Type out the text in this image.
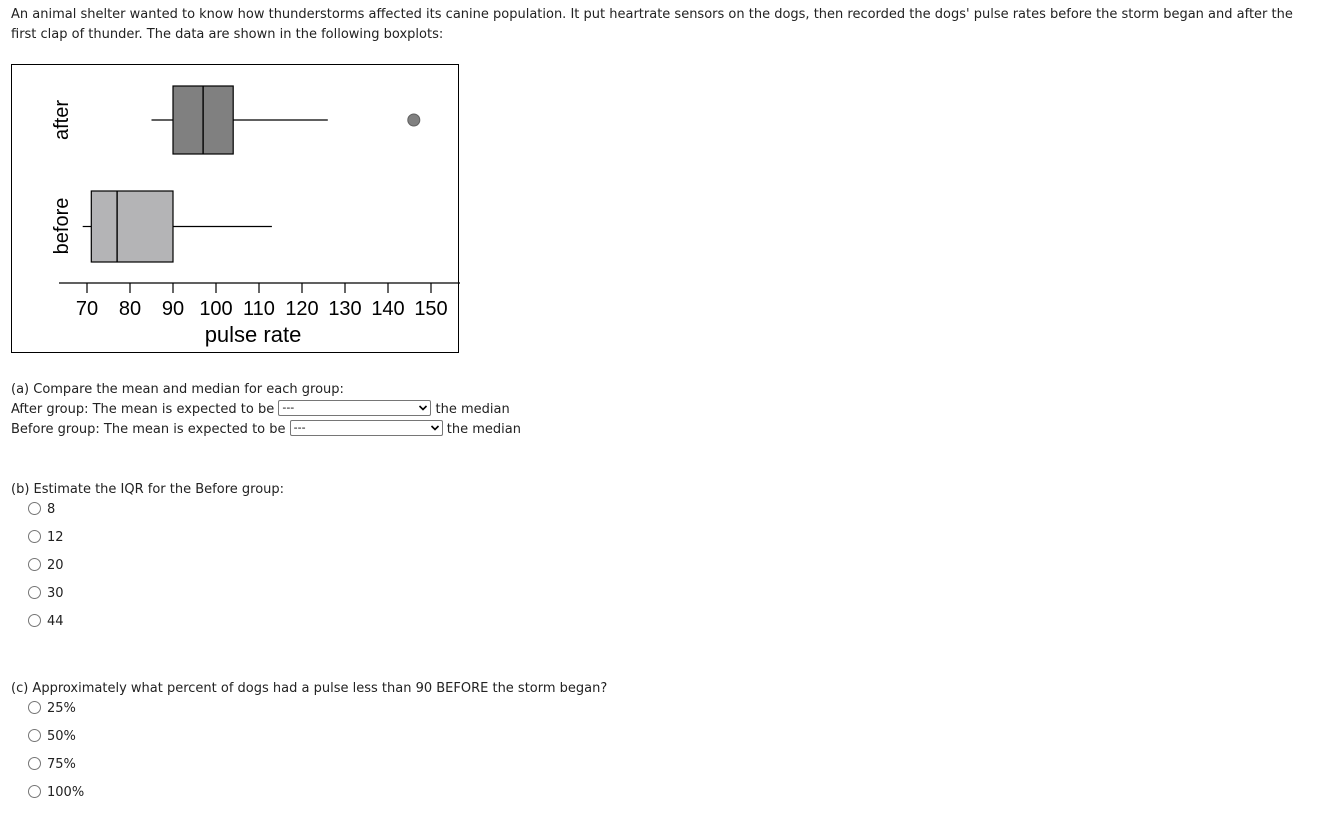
An animal shelter wanted to know how thunderstorms affected its canine population. It put heartrate sensors on the dogs, then recorded the dogs' pulse rates before the storm began and after the first clap of thunder. The data are shown in the following boxplots:

70 80 90 100 110 120 130 140 150
pulse rate
after
before
(a) Compare the mean and median for each group:
After group: The mean is expected to be ---	the median
Before group: The mean is expected to be ---	the median
(b) Estimate the IQR for the Before group:
8
12
20
30
44
(c) Approximately what percent of dogs had a pulse less than 90 BEFORE the storm began?
25%
50%
75%
100%
